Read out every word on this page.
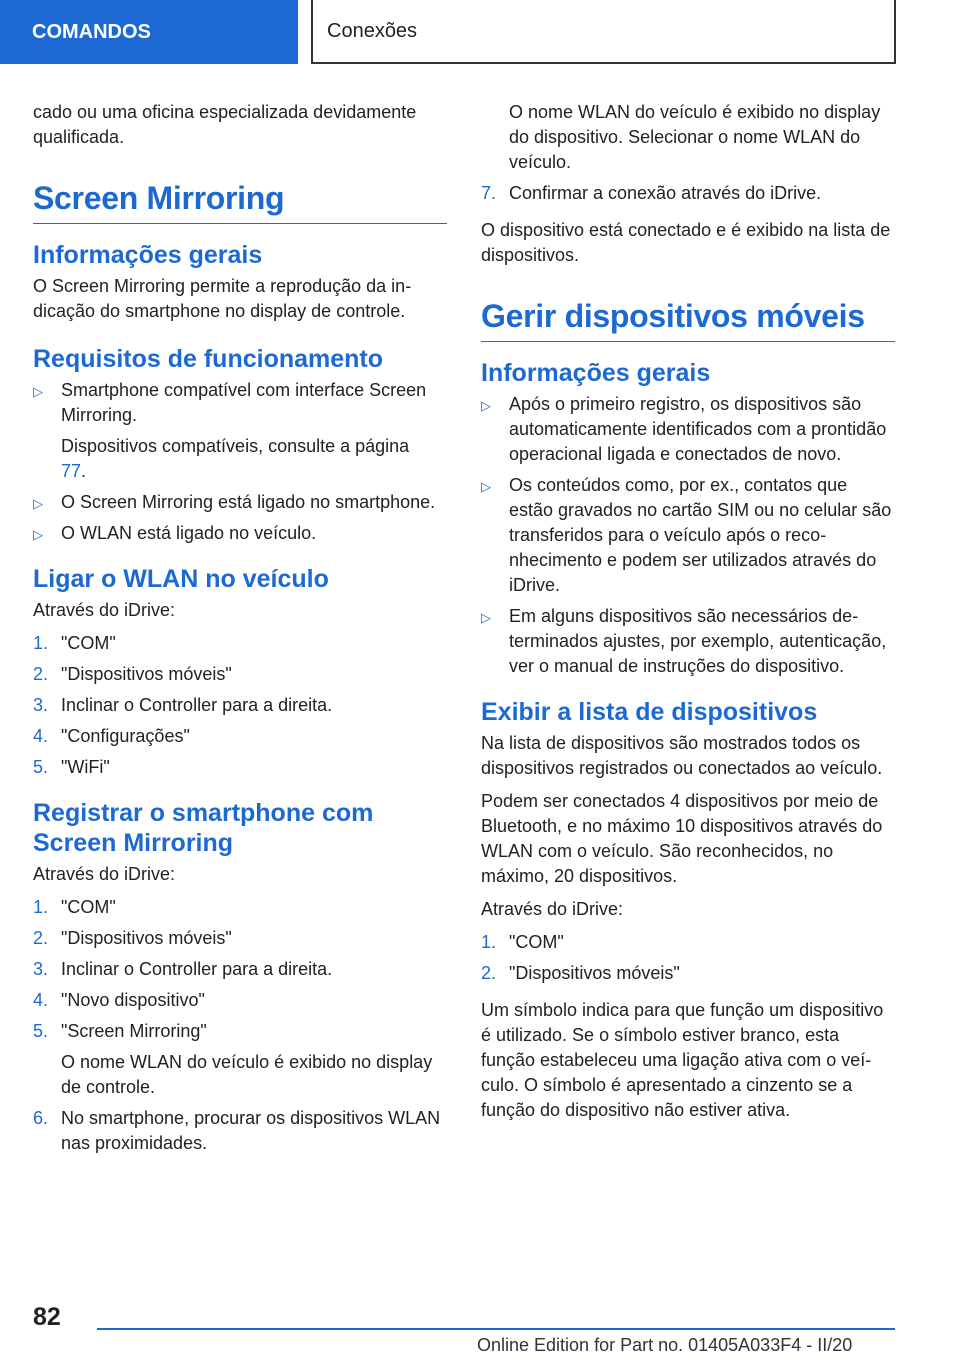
COMANDOS	Conexões

cado ou uma oficina especializada devidamente qualificada.

Screen Mirroring
Informações gerais

O Screen Mirroring permite a reprodução da indicação do smartphone no display de controle.

Requisitos de funcionamento
▷ Smartphone compatível com interface Screen Mirroring.

Dispositivos compatíveis, consulte a página
77.

▷ O Screen Mirroring está ligado no smartphone.

▷ O WLAN está ligado no veículo.

Ligar o WLAN no veículo

Através do iDrive:

1. "COM"
2. "Dispositivos móveis"
3. Inclinar o Controller para a direita.
4. "Configurações"
5. "WiFi"
Registrar o smartphone com Screen Mirroring

Através do iDrive:

1. "COM"
2. "Dispositivos móveis"
3. Inclinar o Controller para a direita.
4. "Novo dispositivo"
5. "Screen Mirroring"

O nome WLAN do veículo é exibido no display de controle.

6. No smartphone, procurar os dispositivos WLAN nas proximidades.

O nome WLAN do veículo é exibido no display do dispositivo. Selecionar o nome WLAN do veículo.

7. Confirmar a conexão através do iDrive.

O dispositivo está conectado e é exibido na lista de dispositivos.

Gerir dispositivos móveis
Informações gerais
▷ Após o primeiro registro, os dispositivos são automaticamente identificados com a prontidão operacional ligada e conectados de novo.

▷ Os conteúdos como, por ex., contatos que estão gravados no cartão SIM ou no celular são transferidos para o veículo após o reconhecimento e podem ser utilizados através do iDrive.

▷ Em alguns dispositivos são necessários determinados ajustes, por exemplo, autenticação, ver o manual de instruções do dispositivo.

Exibir a lista de dispositivos

Na lista de dispositivos são mostrados todos os dispositivos registrados ou conectados ao veículo.

Podem ser conectados 4 dispositivos por meio de Bluetooth, e no máximo 10 dispositivos através do WLAN com o veículo. São reconhecidos, no máximo, 20 dispositivos.

Através do iDrive:

1. "COM"
2. "Dispositivos móveis"

Um símbolo indica para que função um dispositivo é utilizado. Se o símbolo estiver branco, esta função estabeleceu uma ligação ativa com o veículo. O símbolo é apresentado a cinzento se a função do dispositivo não estiver ativa.

82
Online Edition for Part no. 01405A033F4 - II/20
